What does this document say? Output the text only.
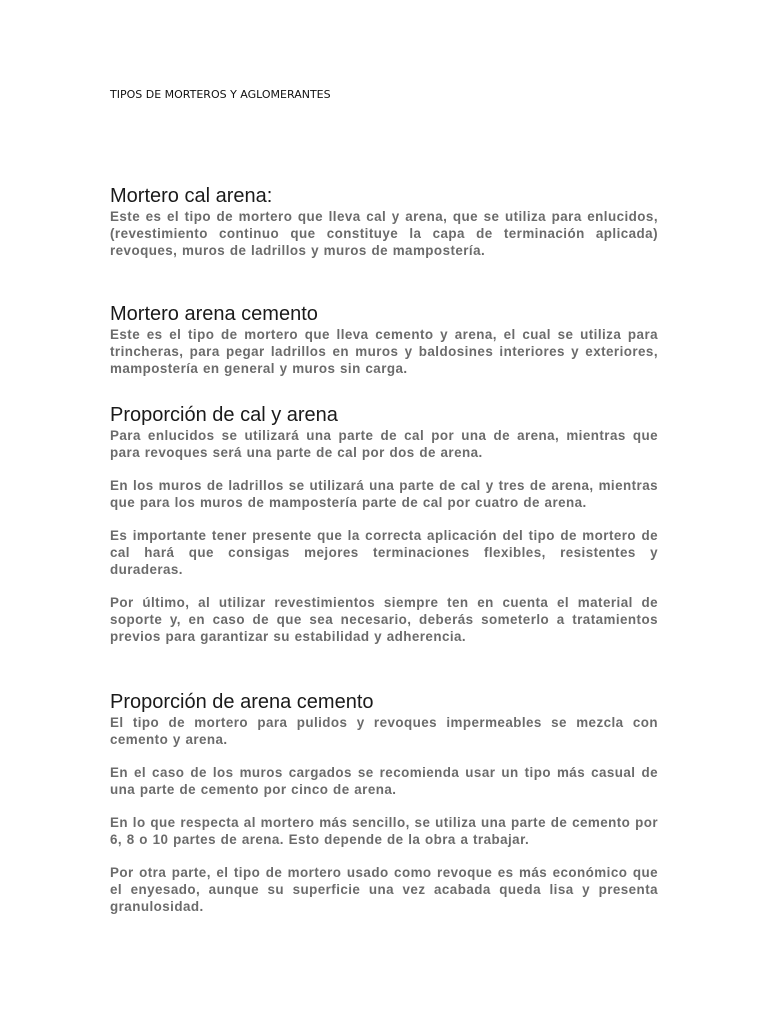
TIPOS DE MORTEROS Y AGLOMERANTES
Mortero cal arena:

Este es el tipo de mortero que lleva cal y arena, que se utiliza para enlucidos, (revestimiento continuo que constituye la capa de terminación aplicada) revoques, muros de ladrillos y muros de mampostería.

Mortero arena cemento

Este es el tipo de mortero que lleva cemento y arena, el cual se utiliza para trincheras, para pegar ladrillos en muros y baldosines interiores y exteriores, mampostería en general y muros sin carga.

Proporción de cal y arena

Para enlucidos se utilizará una parte de cal por una de arena, mientras que para revoques será una parte de cal por dos de arena.

En los muros de ladrillos se utilizará una parte de cal y tres de arena, mientras que para los muros de mampostería parte de cal por cuatro de arena.

Es importante tener presente que la correcta aplicación del tipo de mortero de cal hará que consigas mejores terminaciones flexibles, resistentes y duraderas.

Por último, al utilizar revestimientos siempre ten en cuenta el material de soporte y, en caso de que sea necesario, deberás someterlo a tratamientos previos para garantizar su estabilidad y adherencia.

Proporción de arena cemento

El tipo de mortero para pulidos y revoques impermeables se mezcla con cemento y arena.

En el caso de los muros cargados se recomienda usar un tipo más casual de una parte de cemento por cinco de arena.

En lo que respecta al mortero más sencillo, se utiliza una parte de cemento por 6, 8 o 10 partes de arena. Esto depende de la obra a trabajar.

Por otra parte, el tipo de mortero usado como revoque es más económico que el enyesado, aunque su superficie una vez acabada queda lisa y presenta granulosidad.
